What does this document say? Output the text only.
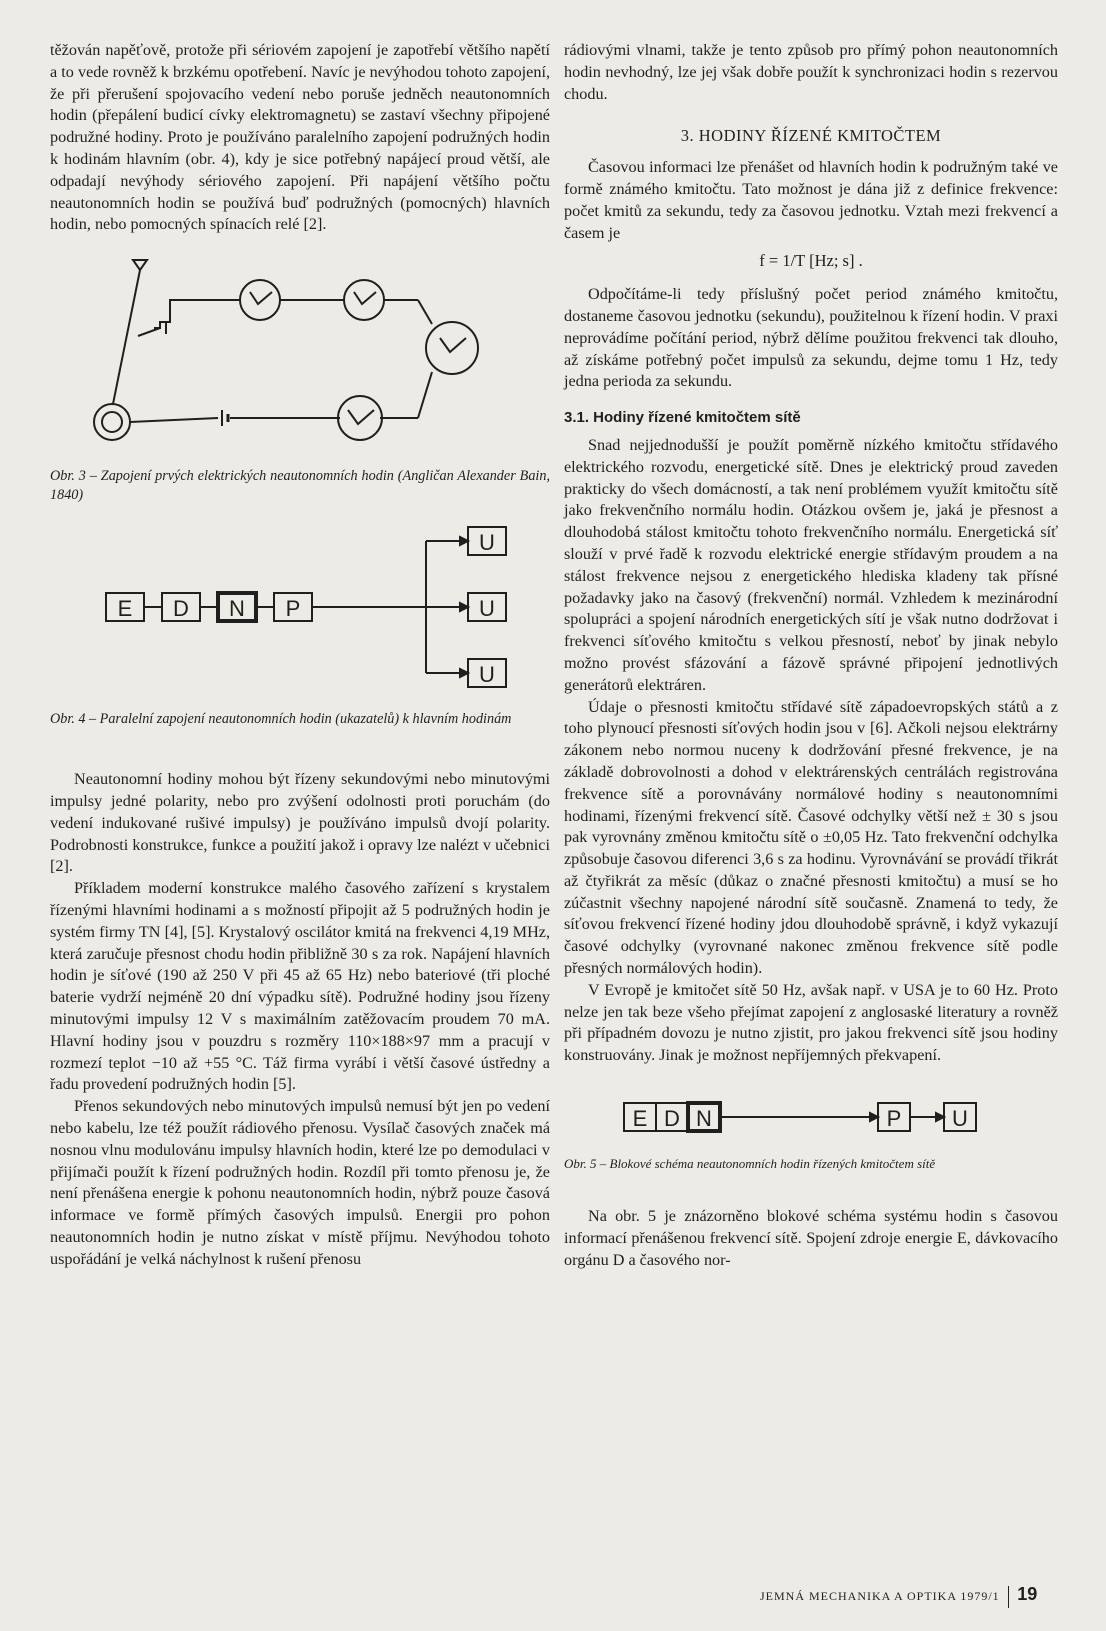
těžován napěťově, protože při sériovém zapojení je zapotřebí většího napětí a to vede rovněž k brzkému opotřebení. Navíc je nevýhodou tohoto zapojení, že při přerušení spojovacího vedení nebo poruše jedněch neautonomních hodin (přepálení budicí cívky elektromagnetu) se zastaví všechny připojené podružné hodiny. Proto je používáno paralelního zapojení podružných hodin k hodinám hlavním (obr. 4), kdy je sice potřebný napájecí proud větší, ale odpadají nevýhody sériového zapojení. Při napájení většího počtu neautonomních hodin se používá buď podružných (pomocných) hlavních hodin, nebo pomocných spínacích relé [2].

Obr. 3 – Zapojení prvých elektrických neautonomních hodin (Angličan Alexander Bain, 1840)

E D N P
U
U
U

Obr. 4 – Paralelní zapojení neautonomních hodin (ukazatelů) k hlavním hodinám

Neautonomní hodiny mohou být řízeny sekundovými nebo minutovými impulsy jedné polarity, nebo pro zvýšení odolnosti proti poruchám (do vedení indukované rušivé impulsy) je používáno impulsů dvojí polarity. Podrobnosti konstrukce, funkce a použití jakož i opravy lze nalézt v učebnici [2].

Příkladem moderní konstrukce malého časového zařízení s krystalem řízenými hlavními hodinami a s možností připojit až 5 podružných hodin je systém firmy TN [4], [5]. Krystalový oscilátor kmitá na frekvenci 4,19 MHz, která zaručuje přesnost chodu hodin přibližně 30 s za rok. Napájení hlavních hodin je síťové (190 až 250 V při 45 až 65 Hz) nebo bateriové (tři ploché baterie vydrží nejméně 20 dní výpadku sítě). Podružné hodiny jsou řízeny minutovými impulsy 12 V s maximálním zatěžovacím proudem 70 mA. Hlavní hodiny jsou v pouzdru s rozměry 110×188×97 mm a pracují v rozmezí teplot −10 až +55 °C. Táž firma vyrábí i větší časové ústředny a řadu provedení podružných hodin [5].

Přenos sekundových nebo minutových impulsů nemusí být jen po vedení nebo kabelu, lze též použít rádiového přenosu. Vysílač časových značek má nosnou vlnu modulovánu impulsy hlavních hodin, které lze po demodulaci v přijímači použít k řízení podružných hodin. Rozdíl při tomto přenosu je, že není přenášena energie k pohonu neautonomních hodin, nýbrž pouze časová informace ve formě přímých časových impulsů. Energii pro pohon neautonomních hodin je nutno získat v místě příjmu. Nevýhodou tohoto uspořádání je velká náchylnost k rušení přenosu

rádiovými vlnami, takže je tento způsob pro přímý pohon neautonomních hodin nevhodný, lze jej však dobře použít k synchronizaci hodin s rezervou chodu.

3. HODINY ŘÍZENÉ KMITOČTEM

Časovou informaci lze přenášet od hlavních hodin k podružným také ve formě známého kmitočtu. Tato možnost je dána již z definice frekvence: počet kmitů za sekundu, tedy za časovou jednotku. Vztah mezi frekvencí a časem je

f = 1/T [Hz; s] .

Odpočítáme-li tedy příslušný počet period známého kmitočtu, dostaneme časovou jednotku (sekundu), použitelnou k řízení hodin. V praxi neprovádíme počítání period, nýbrž dělíme použitou frekvenci tak dlouho, až získáme potřebný počet impulsů za sekundu, dejme tomu 1 Hz, tedy jedna perioda za sekundu.

3.1. Hodiny řízené kmitočtem sítě

Snad nejjednodušší je použít poměrně nízkého kmitočtu střídavého elektrického rozvodu, energetické sítě. Dnes je elektrický proud zaveden prakticky do všech domácností, a tak není problémem využít kmitočtu sítě jako frekvenčního normálu hodin. Otázkou ovšem je, jaká je přesnost a dlouhodobá stálost kmitočtu tohoto frekvenčního normálu. Energetická síť slouží v prvé řadě k rozvodu elektrické energie střídavým proudem a na stálost frekvence nejsou z energetického hlediska kladeny tak přísné požadavky jako na časový (frekvenční) normál. Vzhledem k mezinárodní spolupráci a spojení národních energetických sítí je však nutno dodržovat i frekvenci síťového kmitočtu s velkou přesností, neboť by jinak nebylo možno provést sfázování a fázově správné připojení jednotlivých generátorů elektráren.

Údaje o přesnosti kmitočtu střídavé sítě západoevropských států a z toho plynoucí přesnosti síťových hodin jsou v [6]. Ačkoli nejsou elektrárny zákonem nebo normou nuceny k dodržování přesné frekvence, je na základě dobrovolnosti a dohod v elektrárenských centrálách registrována frekvence sítě a porovnávány normálové hodiny s neautonomními hodinami, řízenými frekvencí sítě. Časové odchylky větší než ± 30 s jsou pak vyrovnány změnou kmitočtu sítě o ±0,05 Hz. Tato frekvenční odchylka způsobuje časovou diferenci 3,6 s za hodinu. Vyrovnávání se provádí třikrát až čtyřikrát za měsíc (důkaz o značné přesnosti kmitočtu) a musí se ho zúčastnit všechny napojené národní sítě současně. Znamená to tedy, že síťovou frekvencí řízené hodiny jdou dlouhodobě správně, i když vykazují časové odchylky (vyrovnané nakonec změnou frekvence sítě podle přesných normálových hodin).

V Evropě je kmitočet sítě 50 Hz, avšak např. v USA je to 60 Hz. Proto nelze jen tak beze všeho přejímat zapojení z anglosaské literatury a rovněž při případném dovozu je nutno zjistit, pro jakou frekvenci sítě jsou hodiny konstruovány. Jinak je možnost nepříjemných překvapení.

E D N	P U

Obr. 5 – Blokové schéma neautonomních hodin řízených kmitočtem sítě

Na obr. 5 je znázorněno blokové schéma systému hodin s časovou informací přenášenou frekvencí sítě. Spojení zdroje energie E, dávkovacího orgánu D a časového nor-

JEMNÁ MECHANIKA A OPTIKA 1979/1 19
